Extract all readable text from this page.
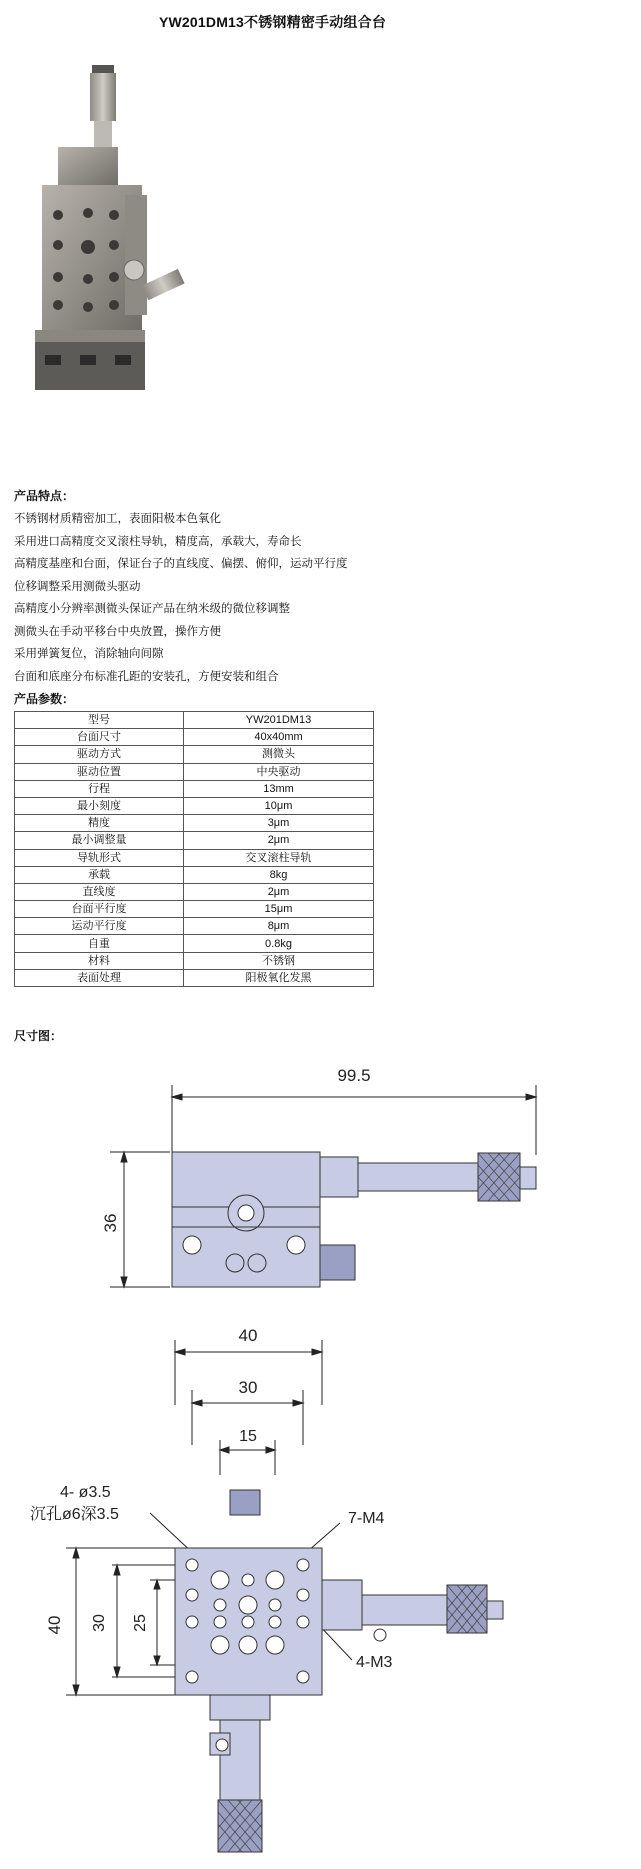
YW201DM13不锈钢精密手动组合台
产品特点：
不锈钢材质精密加工，表面阳极本色氧化
采用进口高精度交叉滚柱导轨，精度高，承载大，寿命长
高精度基座和台面，保证台子的直线度、偏摆、俯仰，运动平行度
位移调整采用测微头驱动
高精度小分辨率测微头保证产品在纳米级的微位移调整
测微头在手动平移台中央放置，操作方便
采用弹簧复位，消除轴向间隙
台面和底座分布标准孔距的安装孔，方便安装和组合
产品参数：
型号	YW201DM13
台面尺寸	40x40mm
驱动方式	测微头
驱动位置	中央驱动
行程	13mm
最小刻度	10μm
精度	3μm
最小调整量	2μm
导轨形式	交叉滚柱导轨
承载	8kg
直线度	2μm
台面平行度	15μm
运动平行度	8μm
自重	0.8kg
材料	不锈钢
表面处理	阳极氧化发黑
尺寸图：
99.5
36
40
30
15
4- ø3.5
沉孔ø6深3.5	7-M4
4-M3
40 30 25
